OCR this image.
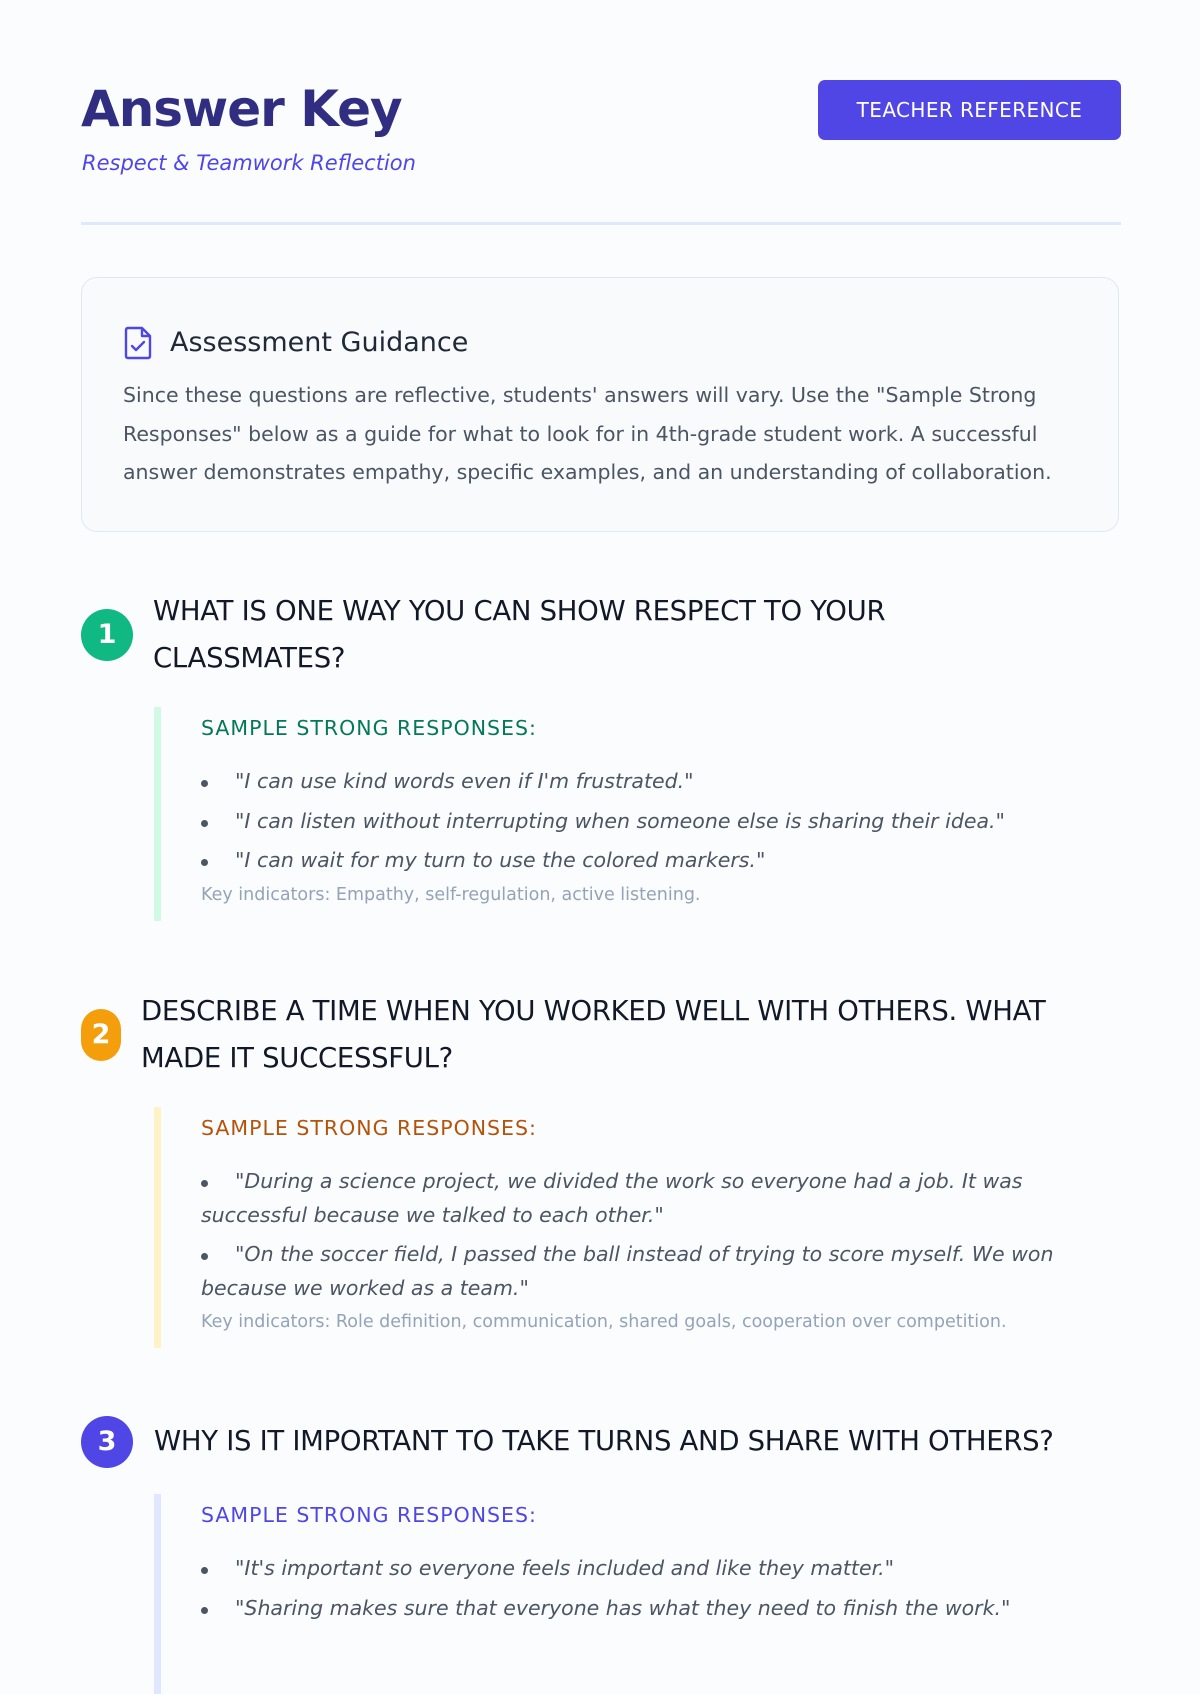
Answer Key
Respect & Teamwork Reflection
TEACHER REFERENCE
Assessment Guidance

Since these questions are reflective, students' answers will vary. Use the "Sample Strong Responses" below as a guide for what to look for in 4th-grade student work. A successful answer demonstrates empathy, specific examples, and an understanding of collaboration.

1
WHAT IS ONE WAY YOU CAN SHOW RESPECT TO YOUR CLASSMATES?
SAMPLE STRONG RESPONSES:
"I can use kind words even if I'm frustrated."
"I can listen without interrupting when someone else is sharing their idea."
"I can wait for my turn to use the colored markers."

Key indicators: Empathy, self-regulation, active listening.

2
DESCRIBE A TIME WHEN YOU WORKED WELL WITH OTHERS. WHAT MADE IT SUCCESSFUL?
SAMPLE STRONG RESPONSES:
"During a science project, we divided the work so everyone had a job. It was successful because we talked to each other."
"On the soccer field, I passed the ball instead of trying to score myself. We won because we worked as a team."

Key indicators: Role definition, communication, shared goals, cooperation over competition.

3	WHY IS IT IMPORTANT TO TAKE TURNS AND SHARE WITH OTHERS?
SAMPLE STRONG RESPONSES:
"It's important so everyone feels included and like they matter."
"Sharing makes sure that everyone has what they need to finish the work."
